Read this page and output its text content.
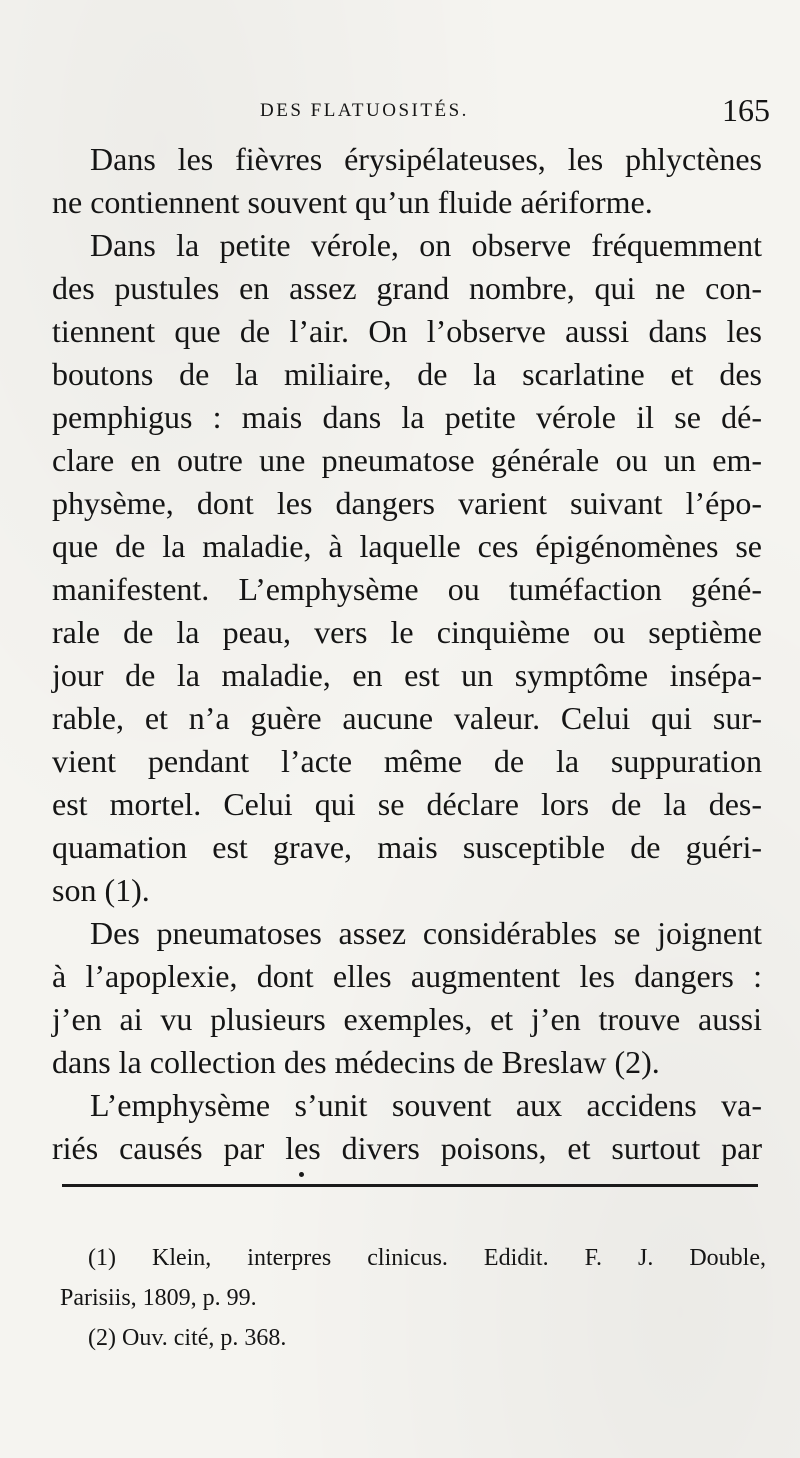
DES FLATUOSITÉS.	165
Dans les fièvres érysipélateuses, les phlyctènes
ne contiennent souvent qu’un fluide aériforme.
Dans la petite vérole, on observe fréquemment
des pustules en assez grand nombre, qui ne con-
tiennent que de l’air. On l’observe aussi dans les
boutons de la miliaire, de la scarlatine et des
pemphigus : mais dans la petite vérole il se dé-
clare en outre une pneumatose générale ou un em-
physème, dont les dangers varient suivant l’épo-
que de la maladie, à laquelle ces épigénomènes se
manifestent. L’emphysème ou tuméfaction géné-
rale de la peau, vers le cinquième ou septième
jour de la maladie, en est un symptôme insépa-
rable, et n’a guère aucune valeur. Celui qui sur-
vient pendant l’acte même de la suppuration
est mortel. Celui qui se déclare lors de la des-
quamation est grave, mais susceptible de guéri-
son (1).
Des pneumatoses assez considérables se joignent
à l’apoplexie, dont elles augmentent les dangers :
j’en ai vu plusieurs exemples, et j’en trouve aussi
dans la collection des médecins de Breslaw (2).
L’emphysème s’unit souvent aux accidens va-
riés causés par les divers poisons, et surtout par
(1) Klein, interpres clinicus. Edidit. F. J. Double,
Parisiis, 1809, p. 99.
(2) Ouv. cité, p. 368.
